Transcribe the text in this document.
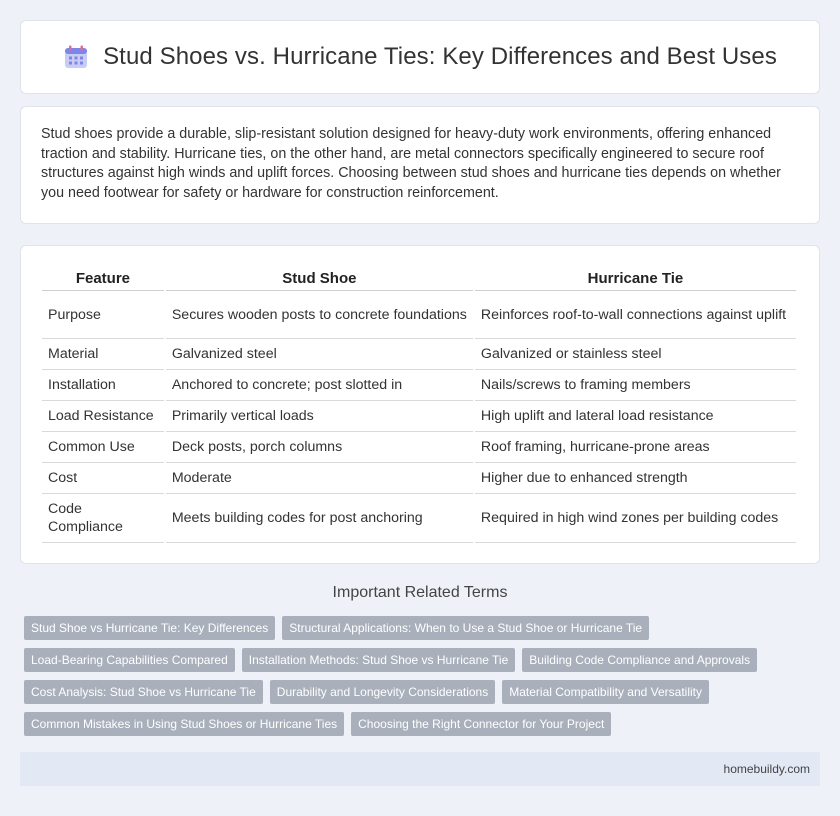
Stud Shoes vs. Hurricane Ties: Key Differences and Best Uses

Stud shoes provide a durable, slip-resistant solution designed for heavy-duty work environments, offering enhanced traction and stability. Hurricane ties, on the other hand, are metal connectors specifically engineered to secure roof structures against high winds and uplift forces. Choosing between stud shoes and hurricane ties depends on whether you need footwear for safety or hardware for construction reinforcement.

Feature	Stud Shoe	Hurricane Tie
Purpose	Secures wooden posts to concrete foundations	Reinforces roof-to-wall connections against uplift
Material	Galvanized steel	Galvanized or stainless steel
Installation	Anchored to concrete; post slotted in	Nails/screws to framing members
Load Resistance	Primarily vertical loads	High uplift and lateral load resistance
Common Use	Deck posts, porch columns	Roof framing, hurricane-prone areas
Cost	Moderate	Higher due to enhanced strength
Code Compliance	Meets building codes for post anchoring	Required in high wind zones per building codes
Important Related Terms
Stud Shoe vs Hurricane Tie: Key Differences	Structural Applications: When to Use a Stud Shoe or Hurricane Tie
Load-Bearing Capabilities Compared	Installation Methods: Stud Shoe vs Hurricane Tie	Building Code Compliance and Approvals
Cost Analysis: Stud Shoe vs Hurricane Tie	Durability and Longevity Considerations	Material Compatibility and Versatility
Common Mistakes in Using Stud Shoes or Hurricane Ties	Choosing the Right Connector for Your Project
homebuildy.com
